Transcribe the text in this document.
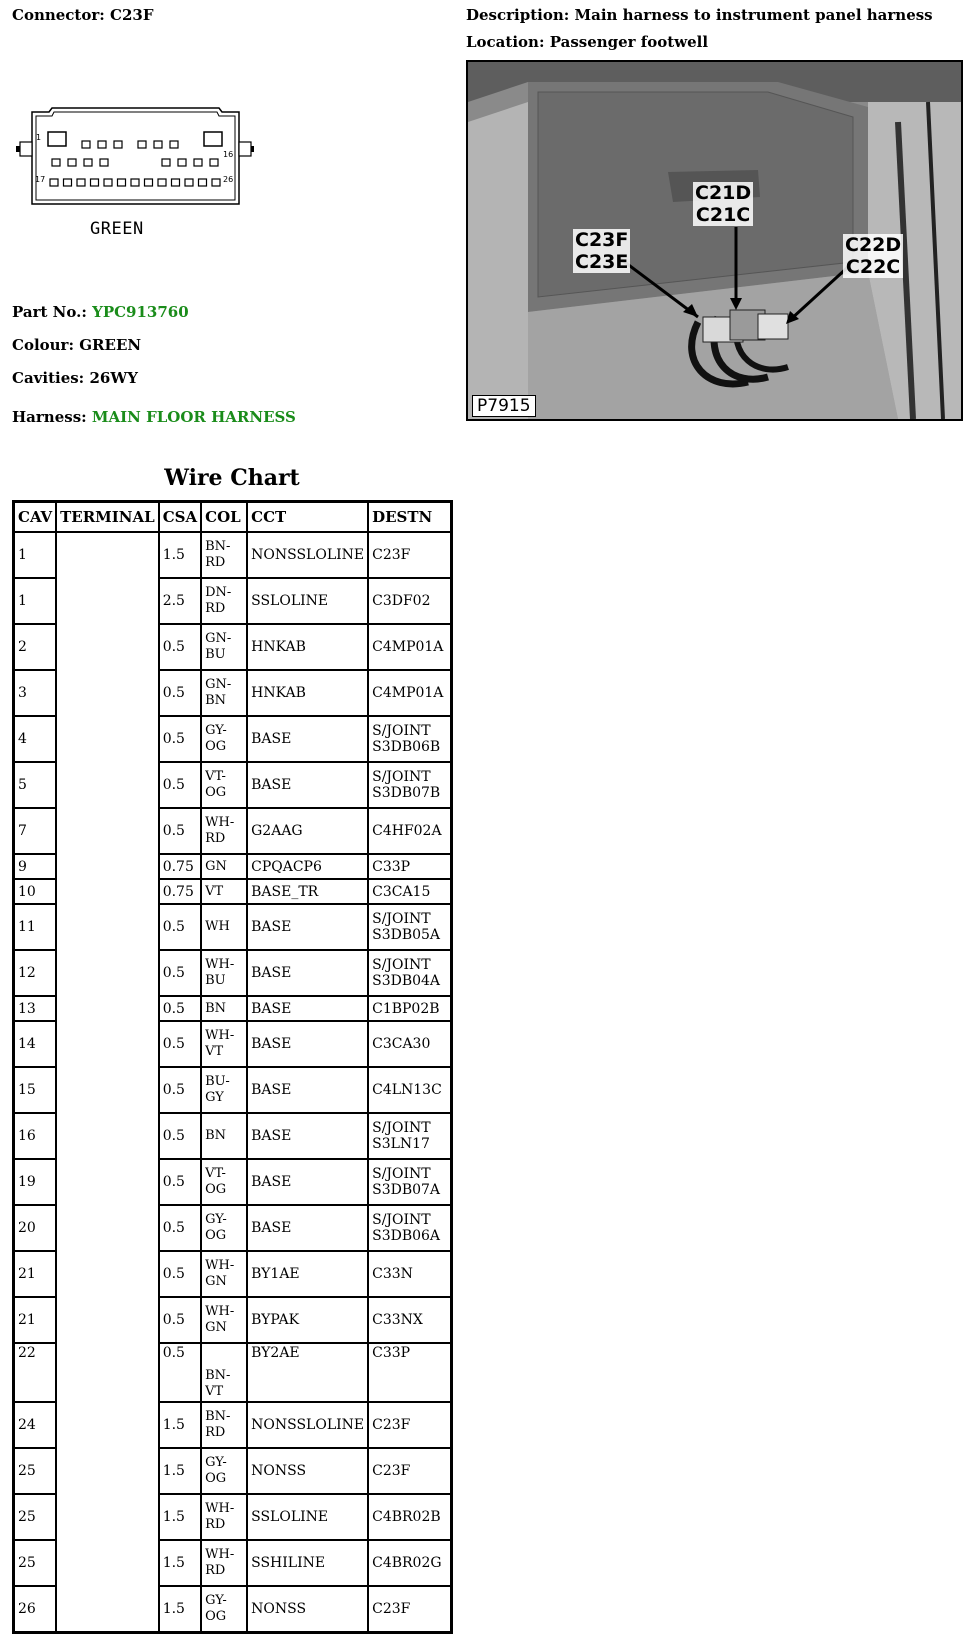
Connector: C23F	Description: Main harness to instrument panel harness
Location: Passenger footwell
1
17
16
26
GREEN
Part No.: YPC913760
Colour: GREEN
Cavities: 26WY
Harness: MAIN FLOOR HARNESS
C21D
C21C
C23F
C23E
C22D
C22C
P7915
Wire Chart
CAV	TERMINAL	CSA	COL	CCT	DESTN
1		1.5	BN-
RD	NONSSLOLINE	C23F
1		2.5	DN-
RD	SSLOLINE	C3DF02
2		0.5	GN-
BU	HNKAB	C4MP01A
3		0.5	GN-
BN	HNKAB	C4MP01A
4		0.5	GY-
OG	BASE	S/JOINT
S3DB06B
5		0.5	VT-
OG	BASE	S/JOINT
S3DB07B
7		0.5	WH-
RD	G2AAG	C4HF02A
9		0.75	GN	CPQACP6	C33P
10		0.75	VT	BASE_TR	C3CA15
11		0.5	WH	BASE	S/JOINT
S3DB05A
12		0.5	WH-
BU	BASE	S/JOINT
S3DB04A
13		0.5	BN	BASE	C1BP02B
14		0.5	WH-
VT	BASE	C3CA30
15		0.5	BU-
GY	BASE	C4LN13C
16		0.5	BN	BASE	S/JOINT
S3LN17
19		0.5	VT-
OG	BASE	S/JOINT
S3DB07A
20		0.5	GY-
OG	BASE	S/JOINT
S3DB06A
21		0.5	WH-
GN	BY1AE	C33N
21		0.5	WH-
GN	BYPAK	C33NX
22		0.5	BN-
VT	BY2AE	C33P
24		1.5	BN-
RD	NONSSLOLINE	C23F
25		1.5	GY-
OG	NONSS	C23F
25		1.5	WH-
RD	SSLOLINE	C4BR02B
25		1.5	WH-
RD	SSHILINE	C4BR02G
26		1.5	GY-
OG	NONSS	C23F
